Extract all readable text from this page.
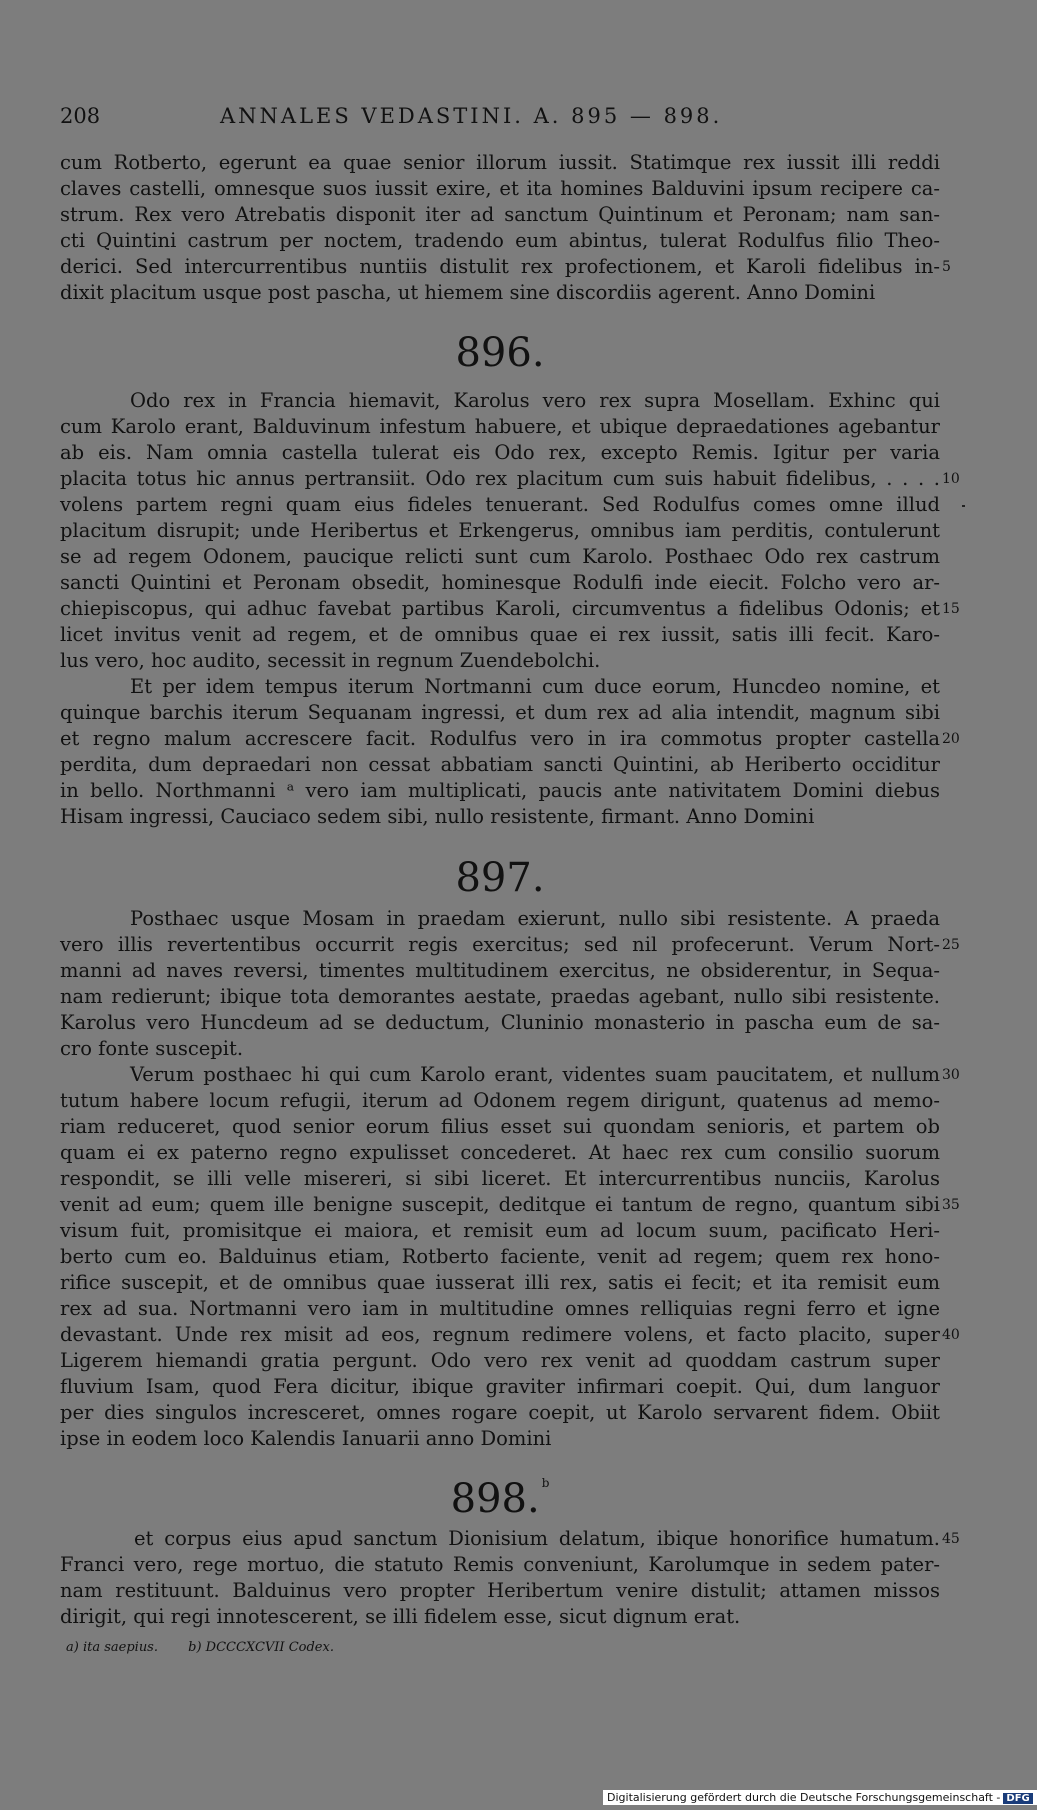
208	ANNALES VEDASTINI. A. 895 — 898.
cum Rotberto, egerunt ea quae senior illorum iussit. Statimque rex iussit illi reddi
claves castelli, omnesque suos iussit exire, et ita homines Balduvini ipsum recipere ca-
strum. Rex vero Atrebatis disponit iter ad sanctum Quintinum et Peronam; nam san-
cti Quintini castrum per noctem, tradendo eum abintus, tulerat Rodulfus filio Theo-
derici. Sed intercurrentibus nuntiis distulit rex profectionem, et Karoli fidelibus in-
dixit placitum usque post pascha, ut hiemem sine discordiis agerent. Anno Domini
5
896.
Odo rex in Francia hiemavit, Karolus vero rex supra Mosellam. Exhinc qui
cum Karolo erant, Balduvinum infestum habuere, et ubique depraedationes agebantur
ab eis. Nam omnia castella tulerat eis Odo rex, excepto Remis. Igitur per varia
placita totus hic annus pertransiit. Odo rex placitum cum suis habuit fidelibus, . . . .
volens partem regni quam eius fideles tenuerant. Sed Rodulfus comes omne illud
placitum disrupit; unde Heribertus et Erkengerus, omnibus iam perditis, contulerunt
se ad regem Odonem, paucique relicti sunt cum Karolo. Posthaec Odo rex castrum
sancti Quintini et Peronam obsedit, hominesque Rodulfi inde eiecit. Folcho vero ar-
chiepiscopus, qui adhuc favebat partibus Karoli, circumventus a fidelibus Odonis; et
licet invitus venit ad regem, et de omnibus quae ei rex iussit, satis illi fecit. Karo-
lus vero, hoc audito, secessit in regnum Zuendebolchi.
Et per idem tempus iterum Nortmanni cum duce eorum, Huncdeo nomine, et
quinque barchis iterum Sequanam ingressi, et dum rex ad alia intendit, magnum sibi
et regno malum accrescere facit. Rodulfus vero in ira commotus propter castella
perdita, dum depraedari non cessat abbatiam sancti Quintini, ab Heriberto occiditur
in bello. Northmanni ᵃ vero iam multiplicati, paucis ante nativitatem Domini diebus
Hisam ingressi, Cauciaco sedem sibi, nullo resistente, firmant. Anno Domini
10
15
20
897.
Posthaec usque Mosam in praedam exierunt, nullo sibi resistente. A praeda
vero illis revertentibus occurrit regis exercitus; sed nil profecerunt. Verum Nort-
manni ad naves reversi, timentes multitudinem exercitus, ne obsiderentur, in Sequa-
nam redierunt; ibique tota demorantes aestate, praedas agebant, nullo sibi resistente.
Karolus vero Huncdeum ad se deductum, Cluninio monasterio in pascha eum de sa-
cro fonte suscepit.
Verum posthaec hi qui cum Karolo erant, videntes suam paucitatem, et nullum
tutum habere locum refugii, iterum ad Odonem regem dirigunt, quatenus ad memo-
riam reduceret, quod senior eorum filius esset sui quondam senioris, et partem ob
quam ei ex paterno regno expulisset concederet. At haec rex cum consilio suorum
respondit, se illi velle misereri, si sibi liceret. Et intercurrentibus nunciis, Karolus
venit ad eum; quem ille benigne suscepit, deditque ei tantum de regno, quantum sibi
visum fuit, promisitque ei maiora, et remisit eum ad locum suum, pacificato Heri-
berto cum eo. Balduinus etiam, Rotberto faciente, venit ad regem; quem rex hono-
rifice suscepit, et de omnibus quae iusserat illi rex, satis ei fecit; et ita remisit eum
rex ad sua. Nortmanni vero iam in multitudine omnes relliquias regni ferro et igne
devastant. Unde rex misit ad eos, regnum redimere volens, et facto placito, super
Ligerem hiemandi gratia pergunt. Odo vero rex venit ad quoddam castrum super
fluvium Isam, quod Fera dicitur, ibique graviter infirmari coepit. Qui, dum languor
per dies singulos incresceret, omnes rogare coepit, ut Karolo servarent fidem. Obiit
ipse in eodem loco Kalendis Ianuarii anno Domini
25
30
35
40
898. $^b$
et corpus eius apud sanctum Dionisium delatum, ibique honorifice humatum.
Franci vero, rege mortuo, die statuto Remis conveniunt, Karolumque in sedem pater-
nam restituunt. Balduinus vero propter Heribertum venire distulit; attamen missos
dirigit, qui regi innotescerent, se illi fidelem esse, sicut dignum erat.
45
a) ita saepius. b) DCCCXCVII Codex.
Digitalisierung gefördert durch die Deutsche Forschungsgemeinschaft - DFG
